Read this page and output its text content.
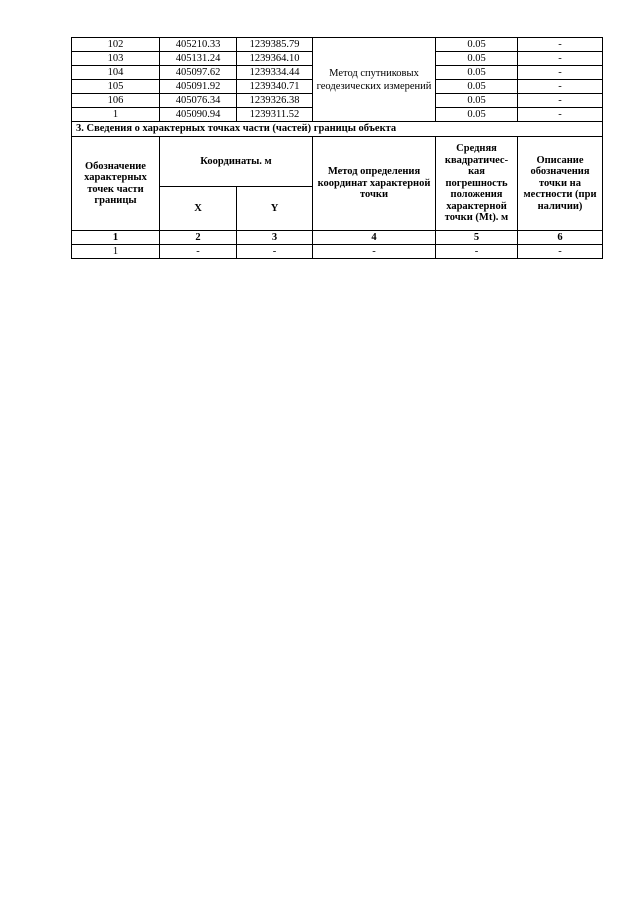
102	405210.33	1239385.79	Метод спутниковых геодезических измерений	0.05	-
103	405131.24	1239364.10		0.05	-
104	405097.62	1239334.44		0.05	-
105	405091.92	1239340.71		0.05	-
106	405076.34	1239326.38		0.05	-
1	405090.94	1239311.52		0.05	-
3. Сведения о характерных точках части (частей) границы объекта					
Обозначение характерных точек части границы	Координаты. м		Метод определения координат характерной точки	Средняя квадратичес-кая погрешность положения характерной точки (Mt). м	Описание обозначения точки на местности (при наличии)
	X	Y			
1	2	3	4	5	6
1	-	-	-	-	-
